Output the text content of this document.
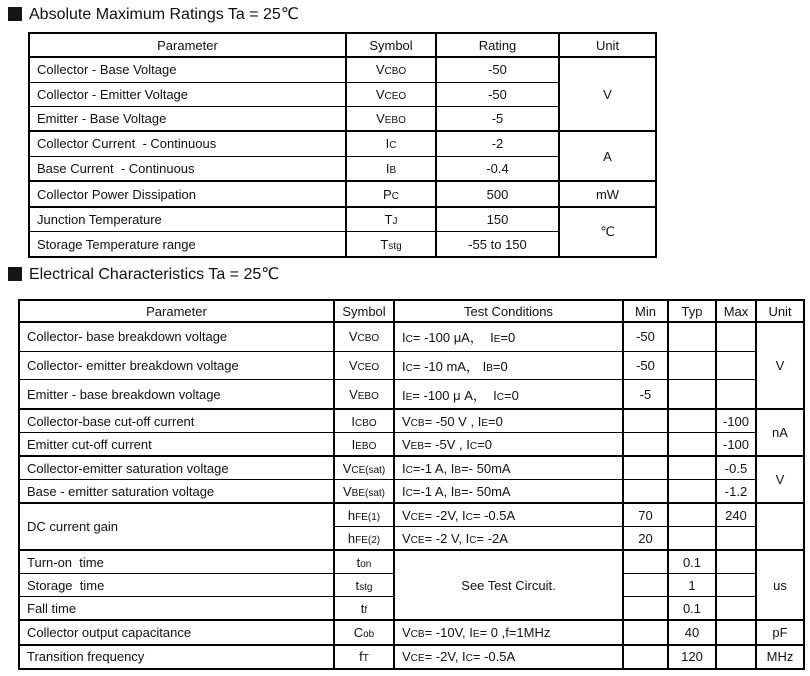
Absolute Maximum Ratings Ta = 25℃
Parameter	Symbol	Rating	Unit
Collector - Base Voltage	VCBO	-50	V
Collector - Emitter Voltage	VCEO	-50	
Emitter - Base Voltage	VEBO	-5	
Collector Current  - Continuous	IC	-2	A
Base Current  - Continuous	IB	-0.4	
Collector Power Dissipation	PC	500	mW
Junction Temperature	TJ	150	℃
Storage Temperature range	Tstg	-55 to 150	
Electrical Characteristics Ta = 25℃
Parameter	Symbol	Test Conditions	Min	Typ	Max	Unit
Collector- base breakdown voltage	VCBO	IC= -100 μA，  IE=0	-50			V
Collector- emitter breakdown voltage	VCEO	IC= -10 mA， IB=0	-50			
Emitter - base breakdown voltage	VEBO	IE= -100 μ A，  IC=0	-5			
Collector-base cut-off current	ICBO	VCB= -50 V , IE=0			-100	nA
Emitter cut-off current	IEBO	VEB= -5V , IC=0			-100	
Collector-emitter saturation voltage	VCE(sat)	IC=-1 A, IB=- 50mA			-0.5	V
Base - emitter saturation voltage	VBE(sat)	IC=-1 A, IB=- 50mA			-1.2	
DC current gain	hFE(1)	VCE= -2V, IC= -0.5A	70		240	
	hFE(2)	VCE= -2 V, IC= -2A	20			
Turn-on  time	ton	See Test Circuit.		0.1		us
Storage  time	tstg			1		
Fall time	tf			0.1		
Collector output capacitance	Cob	VCB= -10V, IE= 0 ,f=1MHz		40		pF
Transition frequency	fT	VCE= -2V, IC= -0.5A		120		MHz
